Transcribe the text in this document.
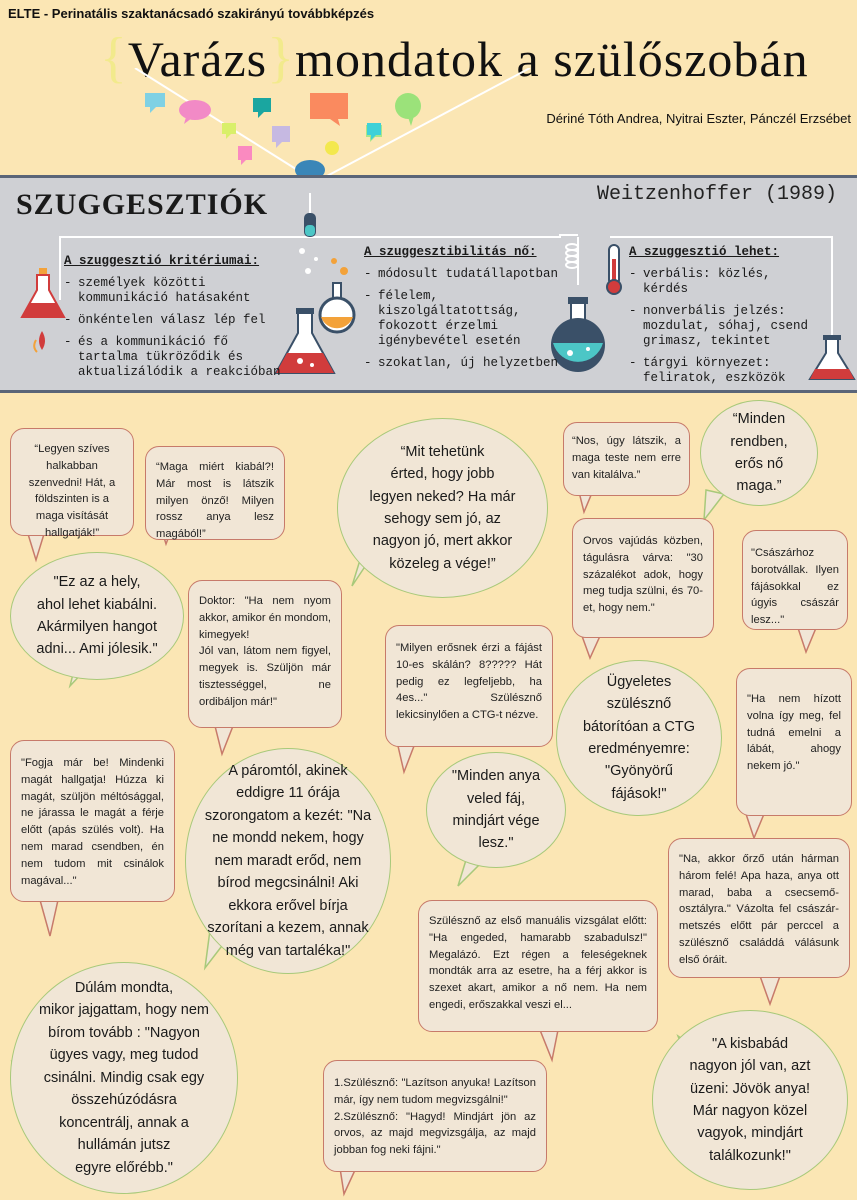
ELTE - Perinatális szaktanácsadó szakirányú továbbképzés
{Varázs}mondatok a szülőszobán
Dériné Tóth Andrea, Nyitrai Eszter, Pánczél Erzsébet
SZUGGESZTIÓK	Weitzenhoffer (1989)
A szuggesztió kritériumai:
- személyek közötti kommunikáció hatásaként
- önkéntelen válasz lép fel
- és a kommunikáció fő tartalma tükröződik és aktualizálódik a reakcióban
A szuggesztibilitás nő:
- módosult tudatállapotban
- félelem, kiszolgáltatottság, fokozott érzelmi igénybevétel esetén
- szokatlan, új helyzetben
A szuggesztió lehet:
- verbális: közlés, kérdés
- nonverbális jelzés: mozdulat, sóhaj, csend grimasz, tekintet
- tárgyi környezet: feliratok, eszközök

“Legyen szíves halkabban szenvedni! Hát, a földszinten is a maga visítását hallgatják!”

“Maga miért kiabál?! Már most is látszik milyen önző! Milyen rossz anya lesz magából!”

“Mit tehetünk
érted, hogy jobb
legyen neked? Ha már
sehogy sem jó, az
nagyon jó, mert akkor
közeleg a vége!”

“Nos, úgy látszik, a maga teste nem erre van kitalálva.”

“Minden
rendben,
erős nő
maga.”

"Ez az a hely,
ahol lehet kiabálni.
Akármilyen hangot
adni... Ami jólesik."

Doktor: "Ha nem nyom akkor, amikor én mondom, kimegyek!
Jól van, látom nem figyel, megyek is. Szüljön már tisztességgel, ne ordibáljon már!"

Orvos vajúdás közben, tágulásra várva: "30 százalékot adok, hogy meg tudja szülni, és 70-et, hogy nem."

"Császárhoz borotvállak. Ilyen fájásokkal ez úgyis császár lesz..."

"Milyen erősnek érzi a fájást 10-es skálán? 8????? Hát pedig ez legfeljebb, ha 4es..." Szülésznő lekicsinylően a CTG-t nézve.

Ügyeletes
szülésznő
bátorítóan a CTG
eredményemre:
"Gyönyörű
fájások!"

"Ha nem hízott volna így meg, fel tudná emelni a lábát, ahogy nekem jó."

"Fogja már be! Mindenki magát hallgatja! Húzza ki magát, szüljön méltósággal, ne járassa le magát a férje előtt (apás szülés volt). Ha nem marad csendben, én nem tudom mit csinálok magával..."

A páromtól, akinek
eddigre 11 órája
szorongatom a kezét: "Na
ne mondd nekem, hogy
nem maradt erőd, nem
bírod megcsinálni! Aki
ekkora erővel bírja
szorítani a kezem, annak
még van tartaléka!"

"Minden anya
veled fáj,
mindjárt vége
lesz."

"Na, akkor őrző után hárman három felé! Apa haza, anya ott marad, baba a csecsemő-osztályra." Vázolta fel császár-metszés előtt pár perccel a szülésznő családdá válásunk első óráit.

Szülésznő az első manuális vizsgálat előtt: "Ha engeded, hamarabb szabadulsz!" Megalázó. Ezt régen a feleségeknek mondták arra az esetre, ha a férj akkor is szexet akart, amikor a nő nem. Ha nem engedi, erőszakkal veszi el...

Dúlám mondta,
mikor jajgattam, hogy nem
bírom tovább : "Nagyon
ügyes vagy, meg tudod
csinálni. Mindig csak egy
összehúzódásra
koncentrálj, annak a
hullámán jutsz
egyre előrébb."

1.Szülésznő: "Lazítson anyuka! Lazítson már, így nem tudom megvizsgálni!"
2.Szülésznő: "Hagyd! Mindjárt jön az orvos, az majd megvizsgálja, az majd jobban fog neki fájni."

"A kisbabád
nagyon jól van, azt
üzeni: Jövök anya!
Már nagyon közel
vagyok, mindjárt
találkozunk!"
